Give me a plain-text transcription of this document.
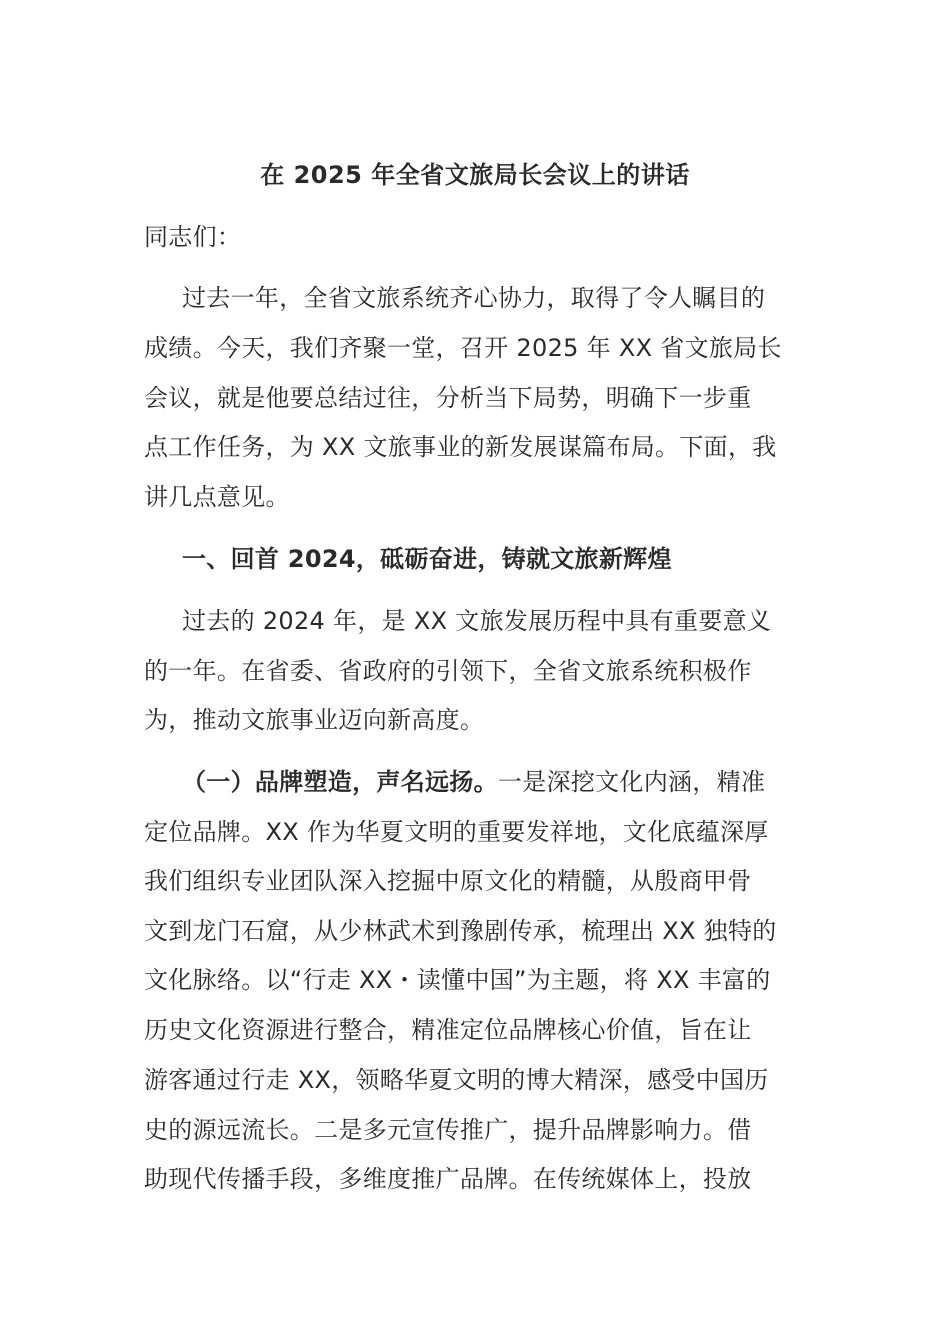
在 2025 年全省文旅局长会议上的讲话
同志们：
过去一年，全省文旅系统齐心协力，取得了令人瞩目的
成绩。今天，我们齐聚一堂，召开 2025 年 XX 省文旅局长
会议，就是他要总结过往，分析当下局势，明确下一步重
点工作任务，为 XX 文旅事业的新发展谋篇布局。下面，我
讲几点意见。
一、回首 2024，砥砺奋进，铸就文旅新辉煌
过去的 2024 年，是 XX 文旅发展历程中具有重要意义
的一年。在省委、省政府的引领下，全省文旅系统积极作
为，推动文旅事业迈向新高度。
（一）品牌塑造，声名远扬。一是深挖文化内涵，精准
定位品牌。XX 作为华夏文明的重要发祥地，文化底蕴深厚
我们组织专业团队深入挖掘中原文化的精髓，从殷商甲骨
文到龙门石窟，从少林武术到豫剧传承，梳理出 XX 独特的
文化脉络。以“行走 XX・读懂中国”为主题，将 XX 丰富的
历史文化资源进行整合，精准定位品牌核心价值，旨在让
游客通过行走 XX，领略华夏文明的博大精深，感受中国历
史的源远流长。二是多元宣传推广，提升品牌影响力。借
助现代传播手段，多维度推广品牌。在传统媒体上，投放
